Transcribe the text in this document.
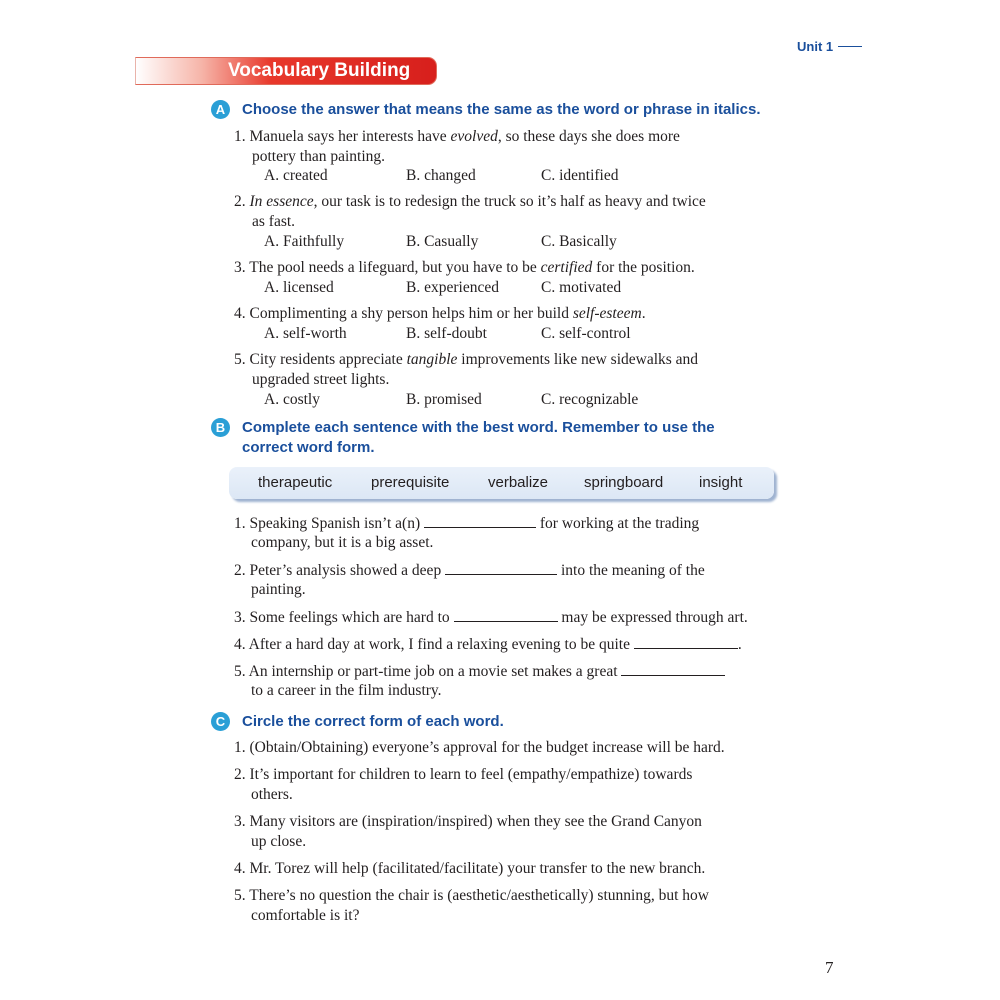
Unit 1
Vocabulary Building
A	Choose the answer that means the same as the word or phrase in italics.
1. Manuela says her interests have evolved, so these days she does more
pottery than painting.
A. created	B. changed	C. identified
2. In essence, our task is to redesign the truck so it’s half as heavy and twice
as fast.
A. Faithfully	B. Casually	C. Basically
3. The pool needs a lifeguard, but you have to be certified for the position.
A. licensed	B. experienced	C. motivated
4. Complimenting a shy person helps him or her build self-esteem.
A. self-worth	B. self-doubt	C. self-control
5. City residents appreciate tangible improvements like new sidewalks and
upgraded street lights.
A. costly	B. promised	C. recognizable
B	Complete each sentence with the best word. Remember to use the
correct word form.
therapeutic	prerequisite	verbalize springboard insight
1. Speaking Spanish isn’t a(n)	for working at the trading
company, but it is a big asset.
2. Peter’s analysis showed a deep	into the meaning of the
painting.
3. Some feelings which are hard to	may be expressed through art.
4. After a hard day at work, I find a relaxing evening to be quite	.
5. An internship or part-time job on a movie set makes a great
to a career in the film industry.
C	Circle the correct form of each word.
1. (Obtain/Obtaining) everyone’s approval for the budget increase will be hard.
2. It’s important for children to learn to feel (empathy/empathize) towards
others.
3. Many visitors are (inspiration/inspired) when they see the Grand Canyon
up close.
4. Mr. Torez will help (facilitated/facilitate) your transfer to the new branch.
5. There’s no question the chair is (aesthetic/aesthetically) stunning, but how
comfortable is it?
7
